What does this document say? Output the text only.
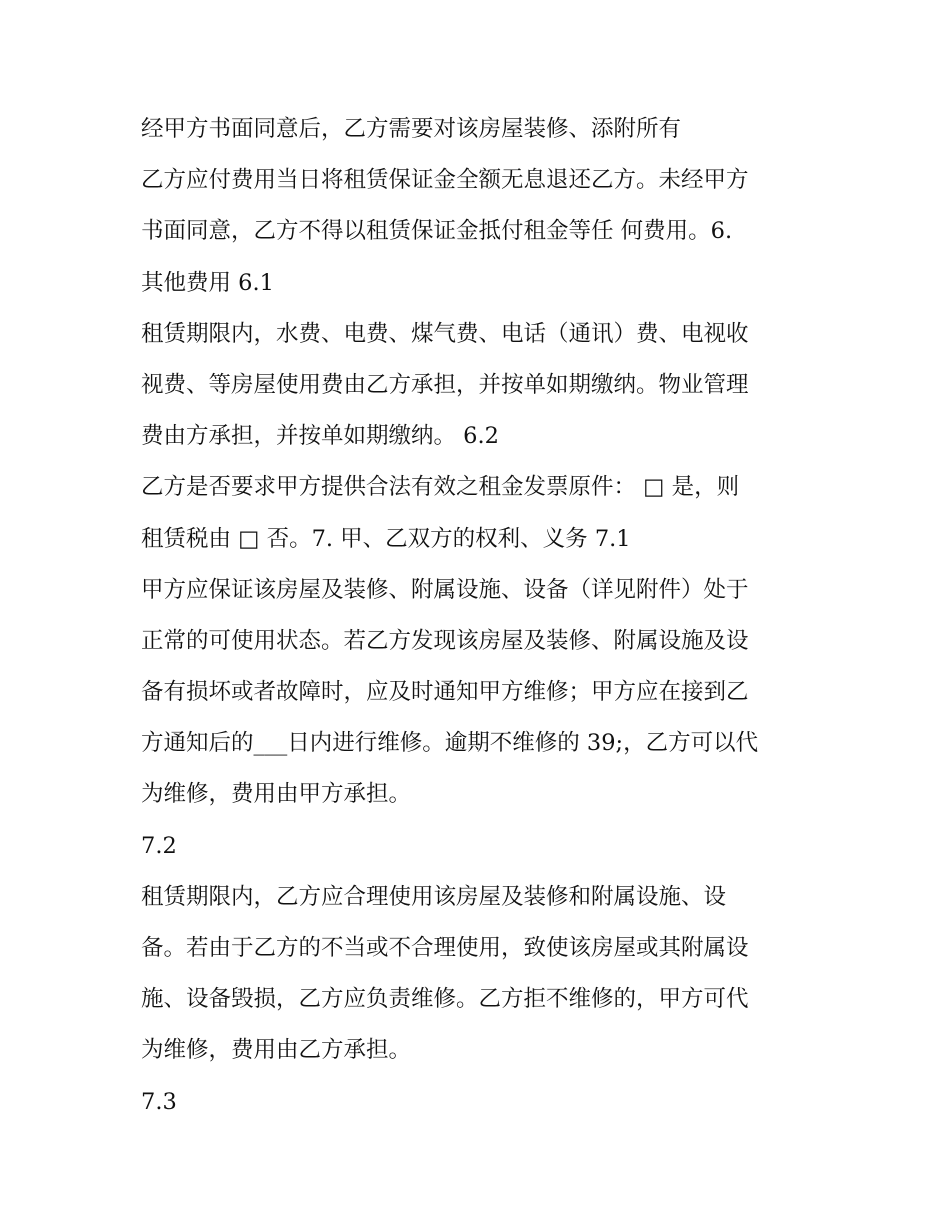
经甲方书面同意后，乙方需要对该房屋装修、添附所有
乙方应付费用当日将租赁保证金全额无息退还乙方。未经甲方
书面同意，乙方不得以租赁保证金抵付租金等任 何费用。6.
其他费用 6.1
租赁期限内，水费、电费、煤气费、电话（通讯）费、电视收
视费、等房屋使用费由乙方承担，并按单如期缴纳。物业管理
费由方承担，并按单如期缴纳。 6.2
乙方是否要求甲方提供合法有效之租金发票原件： □ 是，则
租赁税由 □ 否。7. 甲、乙双方的权利、义务 7.1
甲方应保证该房屋及装修、附属设施、设备（详见附件）处于
正常的可使用状态。若乙方发现该房屋及装修、附属设施及设
备有损坏或者故障时，应及时通知甲方维修；甲方应在接到乙
方通知后的___日内进行维修。逾期不维修的 39;，乙方可以代
为维修，费用由甲方承担。
7.2
租赁期限内，乙方应合理使用该房屋及装修和附属设施、设
备。若由于乙方的不当或不合理使用，致使该房屋或其附属设
施、设备毁损，乙方应负责维修。乙方拒不维修的，甲方可代
为维修，费用由乙方承担。
7.3
